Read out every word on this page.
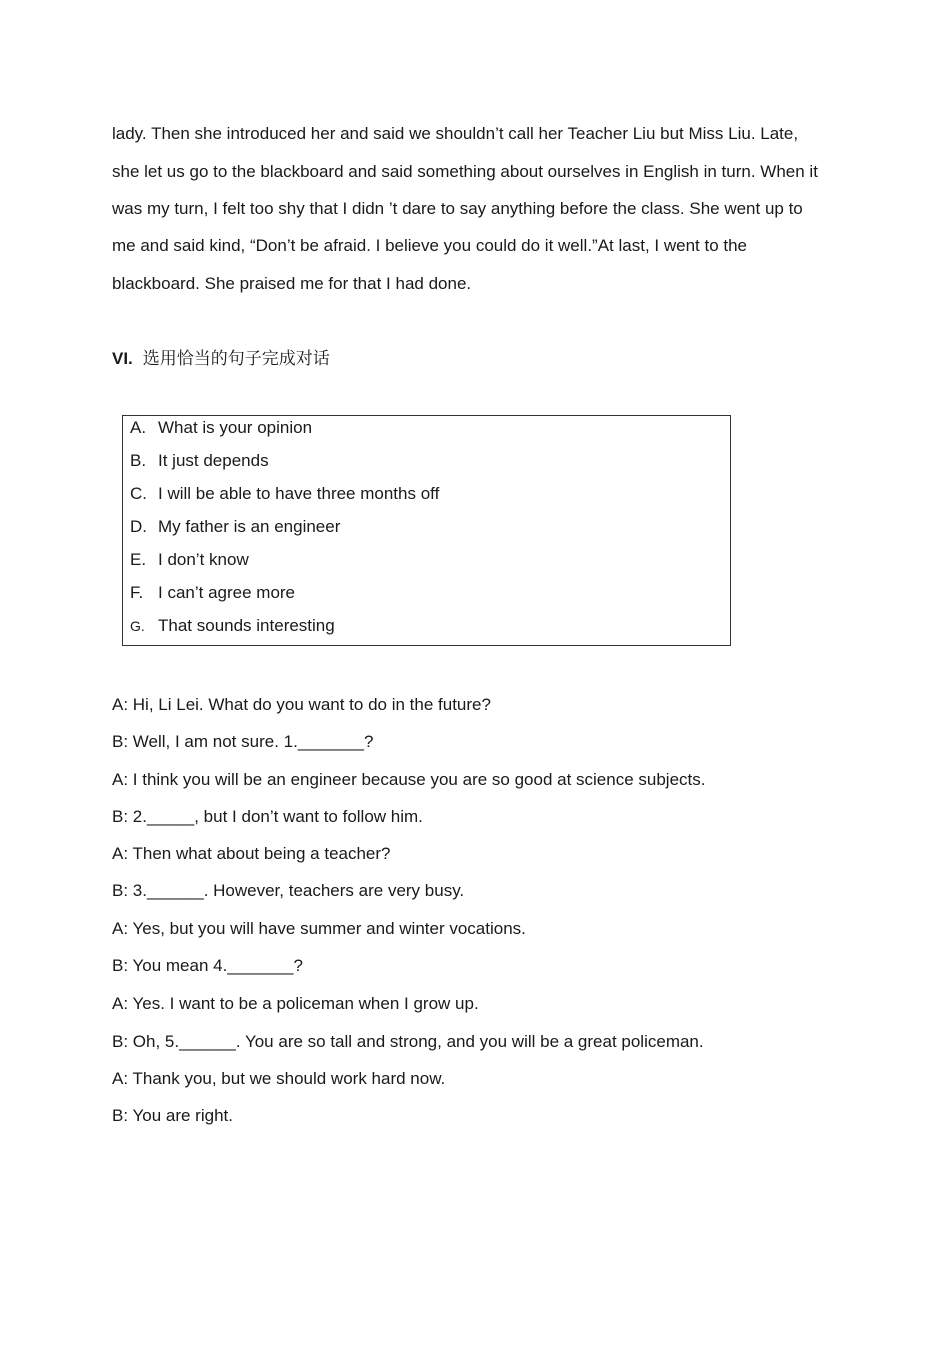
lady. Then she introduced her and said we shouldn’t call her Teacher Liu but Miss Liu. Late,
she let us go to the blackboard and said something about ourselves in English in turn. When it
was my turn, I felt too shy that I didn ’t dare to say anything before the class. She went up to
me and said kind, “Don’t be afraid. I believe you could do it well.”At last, I went to the
blackboard. She praised me for that I had done.
VI. 选用恰当的句子完成对话
A. What is your opinion
B. It just depends
C. I will be able to have three months off
D. My father is an engineer
E. I don’t know
F. I can’t agree more
G. That sounds interesting
A: Hi, Li Lei. What do you want to do in the future?
B: Well, I am not sure. 1._______?
A: I think you will be an engineer because you are so good at science subjects.
B: 2._____, but I don’t want to follow him.
A: Then what about being a teacher?
B: 3.______. However, teachers are very busy.
A: Yes, but you will have summer and winter vocations.
B: You mean 4._______?
A: Yes. I want to be a policeman when I grow up.
B: Oh, 5.______. You are so tall and strong, and you will be a great policeman.
A: Thank you, but we should work hard now.
B: You are right.
